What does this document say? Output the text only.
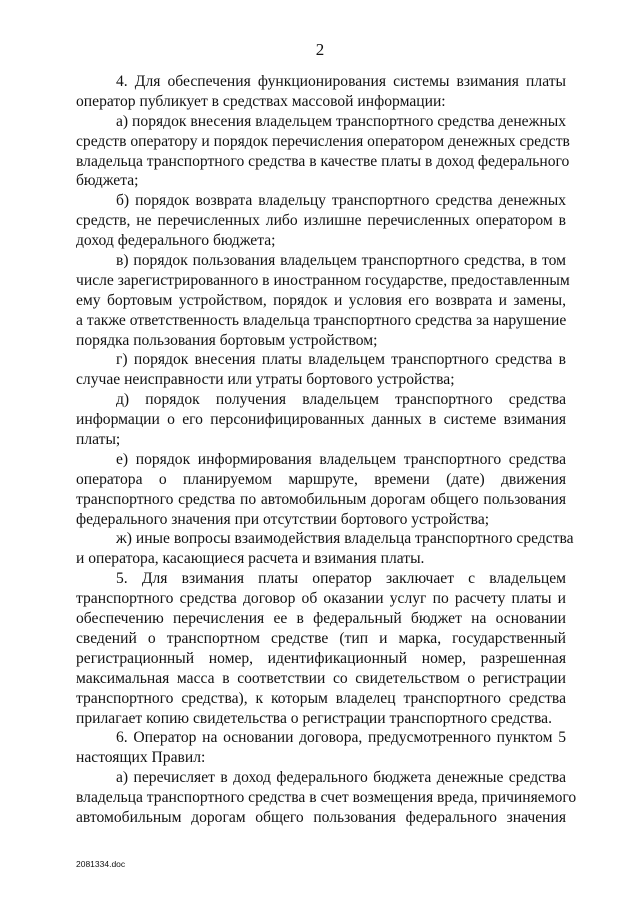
2
4. Для обеспечения функционирования системы взимания платы
оператор публикует в средствах массовой информации:
а) порядок внесения владельцем транспортного средства денежных
средств оператору и порядок перечисления оператором денежных средств
владельца транспортного средства в качестве платы в доход федерального
бюджета;
б) порядок возврата владельцу транспортного средства денежных
средств, не перечисленных либо излишне перечисленных оператором в
доход федерального бюджета;
в) порядок пользования владельцем транспортного средства, в том
числе зарегистрированного в иностранном государстве, предоставленным
ему бортовым устройством, порядок и условия его возврата и замены,
а также ответственность владельца транспортного средства за нарушение
порядка пользования бортовым устройством;
г) порядок внесения платы владельцем транспортного средства в
случае неисправности или утраты бортового устройства;
д) порядок получения владельцем транспортного средства
информации о его персонифицированных данных в системе взимания
платы;
е) порядок информирования владельцем транспортного средства
оператора о планируемом маршруте, времени (дате) движения
транспортного средства по автомобильным дорогам общего пользования
федерального значения при отсутствии бортового устройства;
ж) иные вопросы взаимодействия владельца транспортного средства
и оператора, касающиеся расчета и взимания платы.
5. Для взимания платы оператор заключает с владельцем
транспортного средства договор об оказании услуг по расчету платы и
обеспечению перечисления ее в федеральный бюджет на основании
сведений о транспортном средстве (тип и марка, государственный
регистрационный номер, идентификационный номер, разрешенная
максимальная масса в соответствии со свидетельством о регистрации
транспортного средства), к которым владелец транспортного средства
прилагает копию свидетельства о регистрации транспортного средства.
6. Оператор на основании договора, предусмотренного пунктом 5
настоящих Правил:
а) перечисляет в доход федерального бюджета денежные средства
владельца транспортного средства в счет возмещения вреда, причиняемого
автомобильным дорогам общего пользования федерального значения
2081334.doc
